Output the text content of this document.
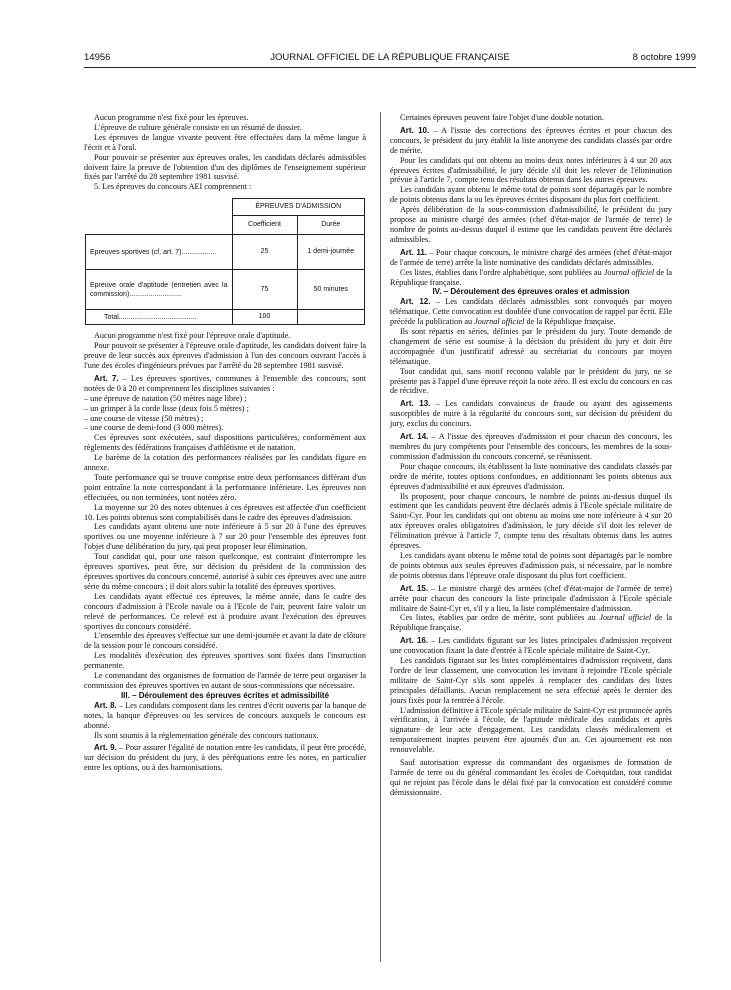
14956	JOURNAL OFFICIEL DE LA RÉPUBLIQUE FRANÇAISE	8 octobre 1999

Aucun programme n'est fixé pour les épreuves.

L'épreuve de culture générale consiste en un résumé de dossier.

Les épreuves de langue vivante peuvent être effectuées dans la même langue à l'écrit et à l'oral.

Pour pouvoir se présenter aux épreuves orales, les candidats déclarés admissibles doivent faire la preuve de l'obtention d'un des diplômes de l'enseignement supérieur fixés par l'arrêté du 28 septembre 1981 susvisé.

5. Les épreuves du concours AEI comprennent :

	ÉPREUVES D'ADMISSION	
	Coefficient	Durée
Epreuves sportives (cf. art. 7)..................	25	1 demi-journée
Epreuve orale d'aptitude (entretien avec la commission)...........................	75	50 minutes
Total........................................	100	

Aucun programme n'est fixé pour l'épreuve orale d'aptitude.

Pour pouvoir se présenter à l'épreuve orale d'aptitude, les candidats doivent faire la preuve de leur succès aux épreuves d'admission à l'un des concours ouvrant l'accès à l'une des écoles d'ingénieurs prévues par l'arrêté du 28 septembre 1981 susvisé.

Art. 7. – Les épreuves sportives, communes à l'ensemble des concours, sont notées de 0 à 20 et comprennent les disciplines suivantes :

– une épreuve de natation (50 mètres nage libre) ;

– un grimper à la corde lisse (deux fois 5 mètres) ;

– une course de vitesse (50 mètres) ;

– une course de demi-fond (3 000 mètres).

Ces épreuves sont exécutées, sauf dispositions particulières, conformément aux règlements des fédérations françaises d'athlétisme et de natation.

Le barème de la cotation des performances réalisées par les candidats figure en annexe.

Toute performance qui se trouve comprise entre deux performances différant d'un point entraîne la note correspondant à la performance inférieure. Les épreuves non effectuées, ou non terminées, sont notées zéro.

La moyenne sur 20 des notes obtenues à ces épreuves est affectée d'un coefficient 10. Les points obtenus sont comptabilisés dans le cadre des épreuves d'admission.

Les candidats ayant obtenu une note inférieure à 5 sur 20 à l'une des épreuves sportives ou une moyenne inférieure à 7 sur 20 pour l'ensemble des épreuves font l'objet d'une délibération du jury, qui peut proposer leur élimination.

Tout candidat qui, pour une raison quelconque, est contraint d'interrompre les épreuves sportives, peut être, sur décision du président de la commission des épreuves sportives du concours concerné, autorisé à subir ces épreuves avec une autre série du même concours ; il doit alors subir la totalité des épreuves sportives.

Les candidats ayant effectué ces épreuves, la même année, dans le cadre des concours d'admission à l'Ecole navale ou à l'Ecole de l'air, peuvent faire valoir un relevé de performances. Ce relevé est à produire avant l'exécution des épreuves sportives du concours considéré.

L'ensemble des épreuves s'effectue sur une demi-journée et avant la date de clôture de la session pour le concours considéré.

Les modalités d'exécution des épreuves sportives sont fixées dans l'instruction permanente.

Le commandant des organismes de formation de l'armée de terre peut organiser la commission des épreuves sportives en autant de sous-commissions que nécessaire.

III. – Déroulement des épreuves écrites et admissibilité

Art. 8. – Les candidats composent dans les centres d'écrit ouverts par la banque de notes, la banque d'épreuves ou les services de concours auxquels le concours est abonné.

Ils sont soumis à la réglementation générale des concours nationaux.

Art. 9. – Pour assurer l'égalité de notation entre les candidats, il peut être procédé, sur décision du président du jury, à des péréquations entre les notes, en particulier entre les options, ou à des harmonisations.

Certaines épreuves peuvent faire l'objet d'une double notation.

Art. 10. – A l'issue des corrections des épreuves écrites et pour chacun des concours, le président du jury établit la liste anonyme des candidats classés par ordre de mérite.

Pour les candidats qui ont obtenu au moins deux notes inférieures à 4 sur 20 aux épreuves écrites d'admissibilité, le jury décide s'il doit les relever de l'élimination prévue à l'article 7, compte tenu des résultats obtenus dans les autres épreuves.

Les candidats ayant obtenu le même total de points sont départagés par le nombre de points obtenus dans la ou les épreuves écrites disposant du plus fort coefficient.

Après délibération de la sous-commission d'admissibilité, le président du jury propose au ministre chargé des armées (chef d'état-major de l'armée de terre) le nombre de points au-dessus duquel il estime que les candidats peuvent être déclarés admissibles.

Art. 11. – Pour chaque concours, le ministre chargé des armées (chef d'état-major de l'armée de terre) arrête la liste nominative des candidats déclarés admissibles.

Ces listes, établies dans l'ordre alphabétique, sont publiées au Journal officiel de la République française.

IV. – Déroulement des épreuves orales et admission

Art. 12. – Les candidats déclarés admissibles sont convoqués par moyen télématique. Cette convocation est doublée d'une convocation de rappel par écrit. Elle précède la publication au Journal officiel de la République française.

Ils sont répartis en séries, définies par le président du jury. Toute demande de changement de série est soumise à la décision du président du jury et doit être accompagnée d'un justificatif adressé au secrétariat du concours par moyen télématique.

Tout candidat qui, sans motif reconnu valable par le président du jury, ne se présente pas à l'appel d'une épreuve reçoit la note zéro. Il est exclu du concours en cas de récidive.

Art. 13. – Les candidats convaincus de fraude ou ayant des agissements susceptibles de nuire à la régularité du concours sont, sur décision du président du jury, exclus du concours.

Art. 14. – A l'issue des épreuves d'admission et pour chacun des concours, les membres du jury compétents pour l'ensemble des concours, les membres de la sous-commission d'admission du concours concerné, se réunissent.

Pour chaque concours, ils établissent la liste nominative des candidats classés par ordre de mérite, toutes options confondues, en additionnant les points obtenus aux épreuves d'admissibilité et aux épreuves d'admission.

Ils proposent, pour chaque concours, le nombre de points au-dessus duquel ils estiment que les candidats peuvent être déclarés admis à l'Ecole spéciale militaire de Saint-Cyr. Pour les candidats qui ont obtenu au moins une note inférieure à 4 sur 20 aux épreuves orales obligatoires d'admission, le jury décide s'il doit les relever de l'élimination prévue à l'article 7, compte tenu des résultats obtenus dans les autres épreuves.

Les candidats ayant obtenu le même total de points sont départagés par le nombre de points obtenus aux seules épreuves d'admission puis, si nécessaire, par le nombre de points obtenus dans l'épreuve orale disposant du plus fort coefficient.

Art. 15. – Le ministre chargé des armées (chef d'état-major de l'armée de terre) arrête pour chacun des concours la liste principale d'admission à l'Ecole spéciale militaire de Saint-Cyr et, s'il y a lieu, la liste complémentaire d'admission.

Ces listes, établies par ordre de mérite, sont publiées au Journal officiel de la République française.

Art. 16. – Les candidats figurant sur les listes principales d'admission reçoivent une convocation fixant la date d'entrée à l'Ecole spéciale militaire de Saint-Cyr.

Les candidats figurant sur les listes complémentaires d'admission reçoivent, dans l'ordre de leur classement, une convocation les invitant à rejoindre l'Ecole spéciale militaire de Saint-Cyr s'ils sont appelés à remplacer des candidats des listes principales défaillants. Aucun remplacement ne sera effectué après le dernier des jours fixés pour la rentrée à l'école.

L'admission définitive à l'Ecole spéciale militaire de Saint-Cyr est prononcée après vérification, à l'arrivée à l'école, de l'aptitude médicale des candidats et après signature de leur acte d'engagement. Les candidats classés médicalement et temporairement inaptes peuvent être ajournés d'un an. Cet ajournement est non renouvelable.

Sauf autorisation expresse du commandant des organismes de formation de l'armée de terre ou du général commandant les écoles de Coëtquidan, tout candidat qui ne rejoint pas l'école dans le délai fixé par la convocation est considéré comme démissionnaire.
